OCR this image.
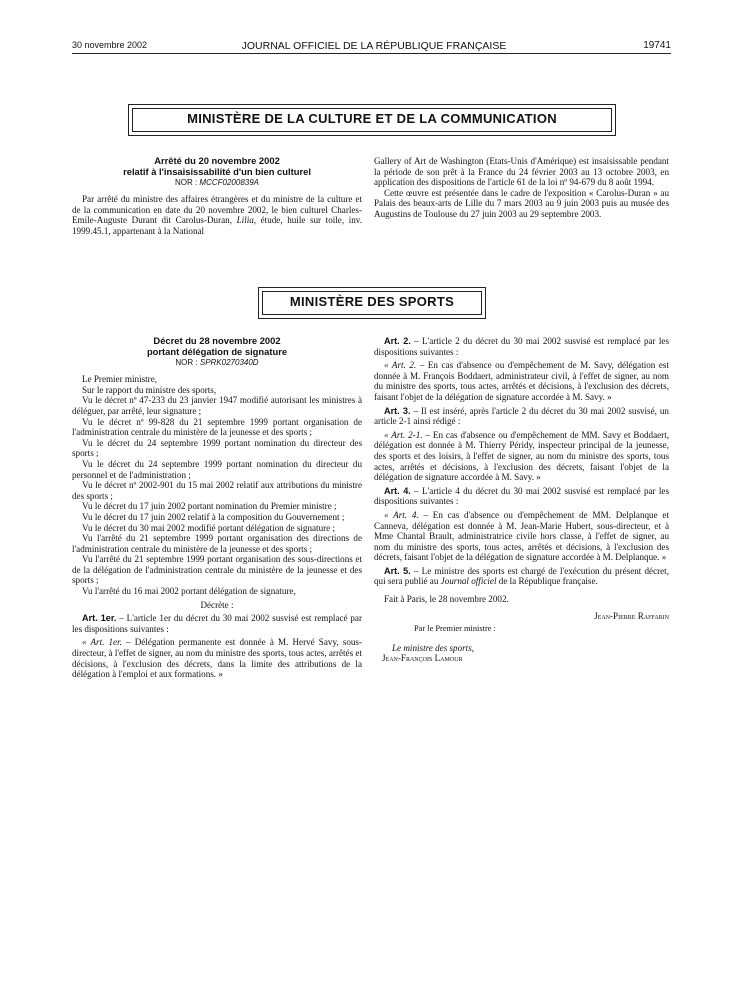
30 novembre 2002	JOURNAL OFFICIEL DE LA RÉPUBLIQUE FRANÇAISE	19741
MINISTÈRE DE LA CULTURE ET DE LA COMMUNICATION

Arrêté du 20 novembre 2002

relatif à l'insaisissabilité d'un bien culturel

NOR : MCCF0200839A

Par arrêté du ministre des affaires étrangères et du ministre de la culture et de la communication en date du 20 novembre 2002, le bien culturel Charles-Emile-Auguste Durant dit Carolus-Duran, Lilia, étude, huile sur toile, inv. 1999.45.1, appartenant à la National

Gallery of Art de Washington (Etats-Unis d'Amérique) est insaisissable pendant la période de son prêt à la France du 24 février 2003 au 13 octobre 2003, en application des dispositions de l'article 61 de la loi nº 94-679 du 8 août 1994.

Cette œuvre est présentée dans le cadre de l'exposition « Carolus-Duran » au Palais des beaux-arts de Lille du 7 mars 2003 au 9 juin 2003 puis au musée des Augustins de Toulouse du 27 juin 2003 au 29 septembre 2003.

MINISTÈRE DES SPORTS

Décret du 28 novembre 2002

portant délégation de signature

NOR : SPRK0270340D

Le Premier ministre,

Sur le rapport du ministre des sports,

Vu le décret nº 47-233 du 23 janvier 1947 modifié autorisant les ministres à déléguer, par arrêté, leur signature ;

Vu le décret nº 99-828 du 21 septembre 1999 portant organisation de l'administration centrale du ministère de la jeunesse et des sports ;

Vu le décret du 24 septembre 1999 portant nomination du directeur des sports ;

Vu le décret du 24 septembre 1999 portant nomination du directeur du personnel et de l'administration ;

Vu le décret nº 2002-901 du 15 mai 2002 relatif aux attributions du ministre des sports ;

Vu le décret du 17 juin 2002 portant nomination du Premier ministre ;

Vu le décret du 17 juin 2002 relatif à la composition du Gouvernement ;

Vu le décret du 30 mai 2002 modifié portant délégation de signature ;

Vu l'arrêté du 21 septembre 1999 portant organisation des directions de l'administration centrale du ministère de la jeunesse et des sports ;

Vu l'arrêté du 21 septembre 1999 portant organisation des sous-directions et de la délégation de l'administration centrale du ministère de la jeunesse et des sports ;

Vu l'arrêté du 16 mai 2002 portant délégation de signature,

Décrète :

Art. 1er. – L'article 1er du décret du 30 mai 2002 susvisé est remplacé par les dispositions suivantes :

« Art. 1er. – Délégation permanente est donnée à M. Hervé Savy, sous-directeur, à l'effet de signer, au nom du ministre des sports, tous actes, arrêtés et décisions, à l'exclusion des décrets, dans la limite des attributions de la délégation à l'emploi et aux formations. »

Art. 2. – L'article 2 du décret du 30 mai 2002 susvisé est remplacé par les dispositions suivantes :

« Art. 2. – En cas d'absence ou d'empêchement de M. Savy, délégation est donnée à M. François Boddaert, administrateur civil, à l'effet de signer, au nom du ministre des sports, tous actes, arrêtés et décisions, à l'exclusion des décrets, faisant l'objet de la délégation de signature accordée à M. Savy. »

Art. 3. – Il est inséré, après l'article 2 du décret du 30 mai 2002 susvisé, un article 2-1 ainsi rédigé :

« Art. 2-1. – En cas d'absence ou d'empêchement de MM. Savy et Boddaert, délégation est donnée à M. Thierry Péridy, inspecteur principal de la jeunesse, des sports et des loisirs, à l'effet de signer, au nom du ministre des sports, tous actes, arrêtés et décisions, à l'exclusion des décrets, faisant l'objet de la délégation de signature accordée à M. Savy. »

Art. 4. – L'article 4 du décret du 30 mai 2002 susvisé est remplacé par les dispositions suivantes :

« Art. 4. – En cas d'absence ou d'empêchement de MM. Delplanque et Canneva, délégation est donnée à M. Jean-Marie Hubert, sous-directeur, et à Mme Chantal Brault, administratrice civile hors classe, à l'effet de signer, au nom du ministre des sports, tous actes, arrêtés et décisions, à l'exclusion des décrets, faisant l'objet de la délégation de signature accordée à M. Delplanque. »

Art. 5. – Le ministre des sports est chargé de l'exécution du présent décret, qui sera publié au Journal officiel de la République française.

Fait à Paris, le 28 novembre 2002.

Jean-Pierre Raffarin

Par le Premier ministre :

Le ministre des sports,

Jean-François Lamour
